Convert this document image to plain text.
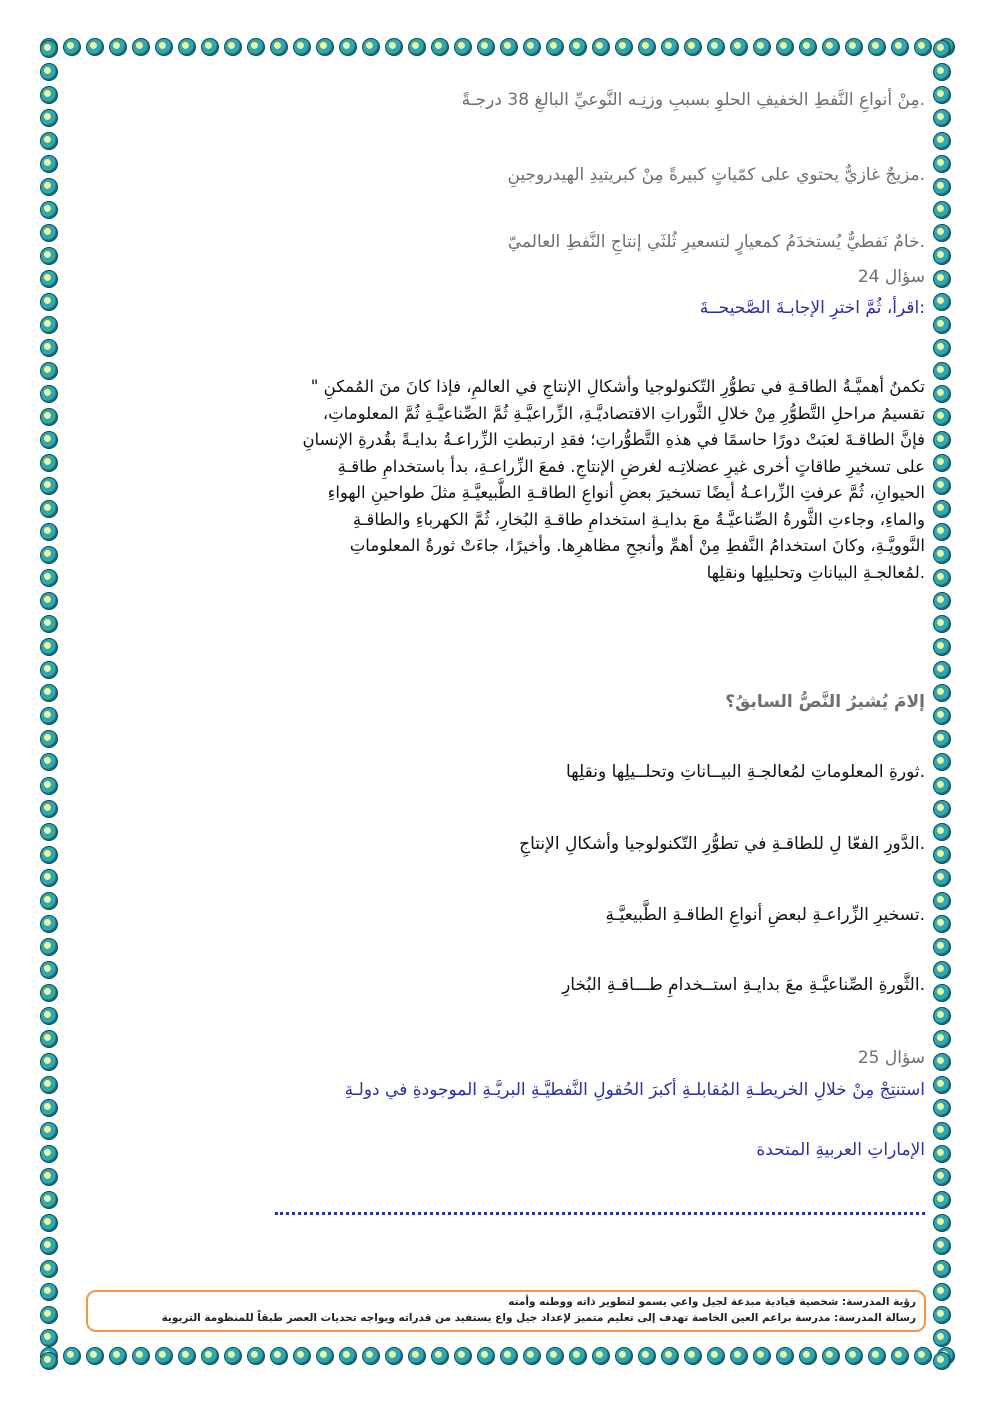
.مِنْ أنواعِ النَّفطِ الخفيفِ الحلوِ بسببِ وزنِـه النَّوعيِّ البالغِ 38 درجـةً
.مزيجٌ غازيٌّ يحتوي على كمّياتٍ كبيرةً مِنْ كبريتيدِ الهيدروجينِ
.خامٌ نَفطيٌّ يُستخدَمُ كمعيارٍ لتسعيرِ ثُلثَي إنتاجِ النَّفطِ العالميّ
سؤال 24
:اقرأ، ثُمَّ اخترِ الإجابـةَ الصَّحيحــةَ
تكمنُ أهميَّـةُ الطاقـةِ في تطوُّرِ التّكنولوجيا وأشكالِ الإنتاجِ في العالمِ، فإذا كانَ منَ المُمكنِ "
تقسيمُ مراحلِ التَّطوُّرِ مِنْ خلالِ الثَّوراتِ الاقتصاديَّـةِ، الزِّراعيَّـةِ ثُمَّ الصِّناعيَّـةِ ثُمَّ المعلوماتِ،
فإنَّ الطاقـةَ لعبَتْ دورًا حاسمًا في هذهِ التَّطوُّراتِ؛ فقدِ ارتبطتِ الزِّراعـةُ بدايـةً بقُدرةِ الإنسانِ
على تسخيرِ طاقاتٍ أخرى غيرِ عضلاتِـه لغرضِ الإنتاجِ. فمعَ الزِّراعـةِ، بدأ باستخدامِ طاقـةِ
الحيوانِ، ثُمَّ عرفتِ الزِّراعـةُ أيضًا تسخيرَ بعضِ أنواعِ الطاقـةِ الطَّبيعيَّـةِ مثلَ طواحينِ الهواءِ
والماءِ، وجاءتِ الثَّورةُ الصِّناعيَّـةُ معَ بدايـةِ استخدامِ طاقـةِ البُخارِ، ثُمَّ الكهرباءِ والطاقـةِ
النَّوويَّـةِ، وكانَ استخدامُ النَّفطِ مِنْ أهمِّ وأنجحِ مظاهرِها. وأخيرًا، جاءَتْ ثورةُ المعلوماتِ
.لمُعالجـةِ البياناتِ وتحليلِها ونقلِها
إلامَ يُشيرُ النَّصُّ السابقُ؟
.ثورةِ المعلوماتِ لمُعالجـةِ البيــاناتِ وتحلــيلِها ونقلِها
.الدَّورِ الفعّا لِ للطاقـةِ في تطوُّرِ التّكنولوجيا وأشكالِ الإنتاجِ
.تسخيرِ الزِّراعـةِ لبعضِ أنواعِ الطاقـةِ الطَّبيعيَّـةِ
.الثَّورةِ الصِّناعيَّـةِ معَ بدايـةِ استــخدامِ طـــاقـةِ البُخارِ
سؤال 25
استنتِجْ مِنْ خلالِ الخريطـةِ المُقابلـةِ أكبرَ الحُقولِ النَّفطيَّـةِ البريَّـةِ الموجودةِ في دولـةِ
الإماراتِ العربيةِ المتحدة
رؤية المدرسة: شخصية قيادية مبدعة لجيل واعي يسمو لتطوير ذاته ووطنه وأمته
رسالة المدرسة: مدرسة براعم العين الخاصة تهدف إلى تعليم متميز لإعداد جيل واع يستفيد من قدراته ويواجه تحديات العصر طبقاً للمنظومة التربوية
